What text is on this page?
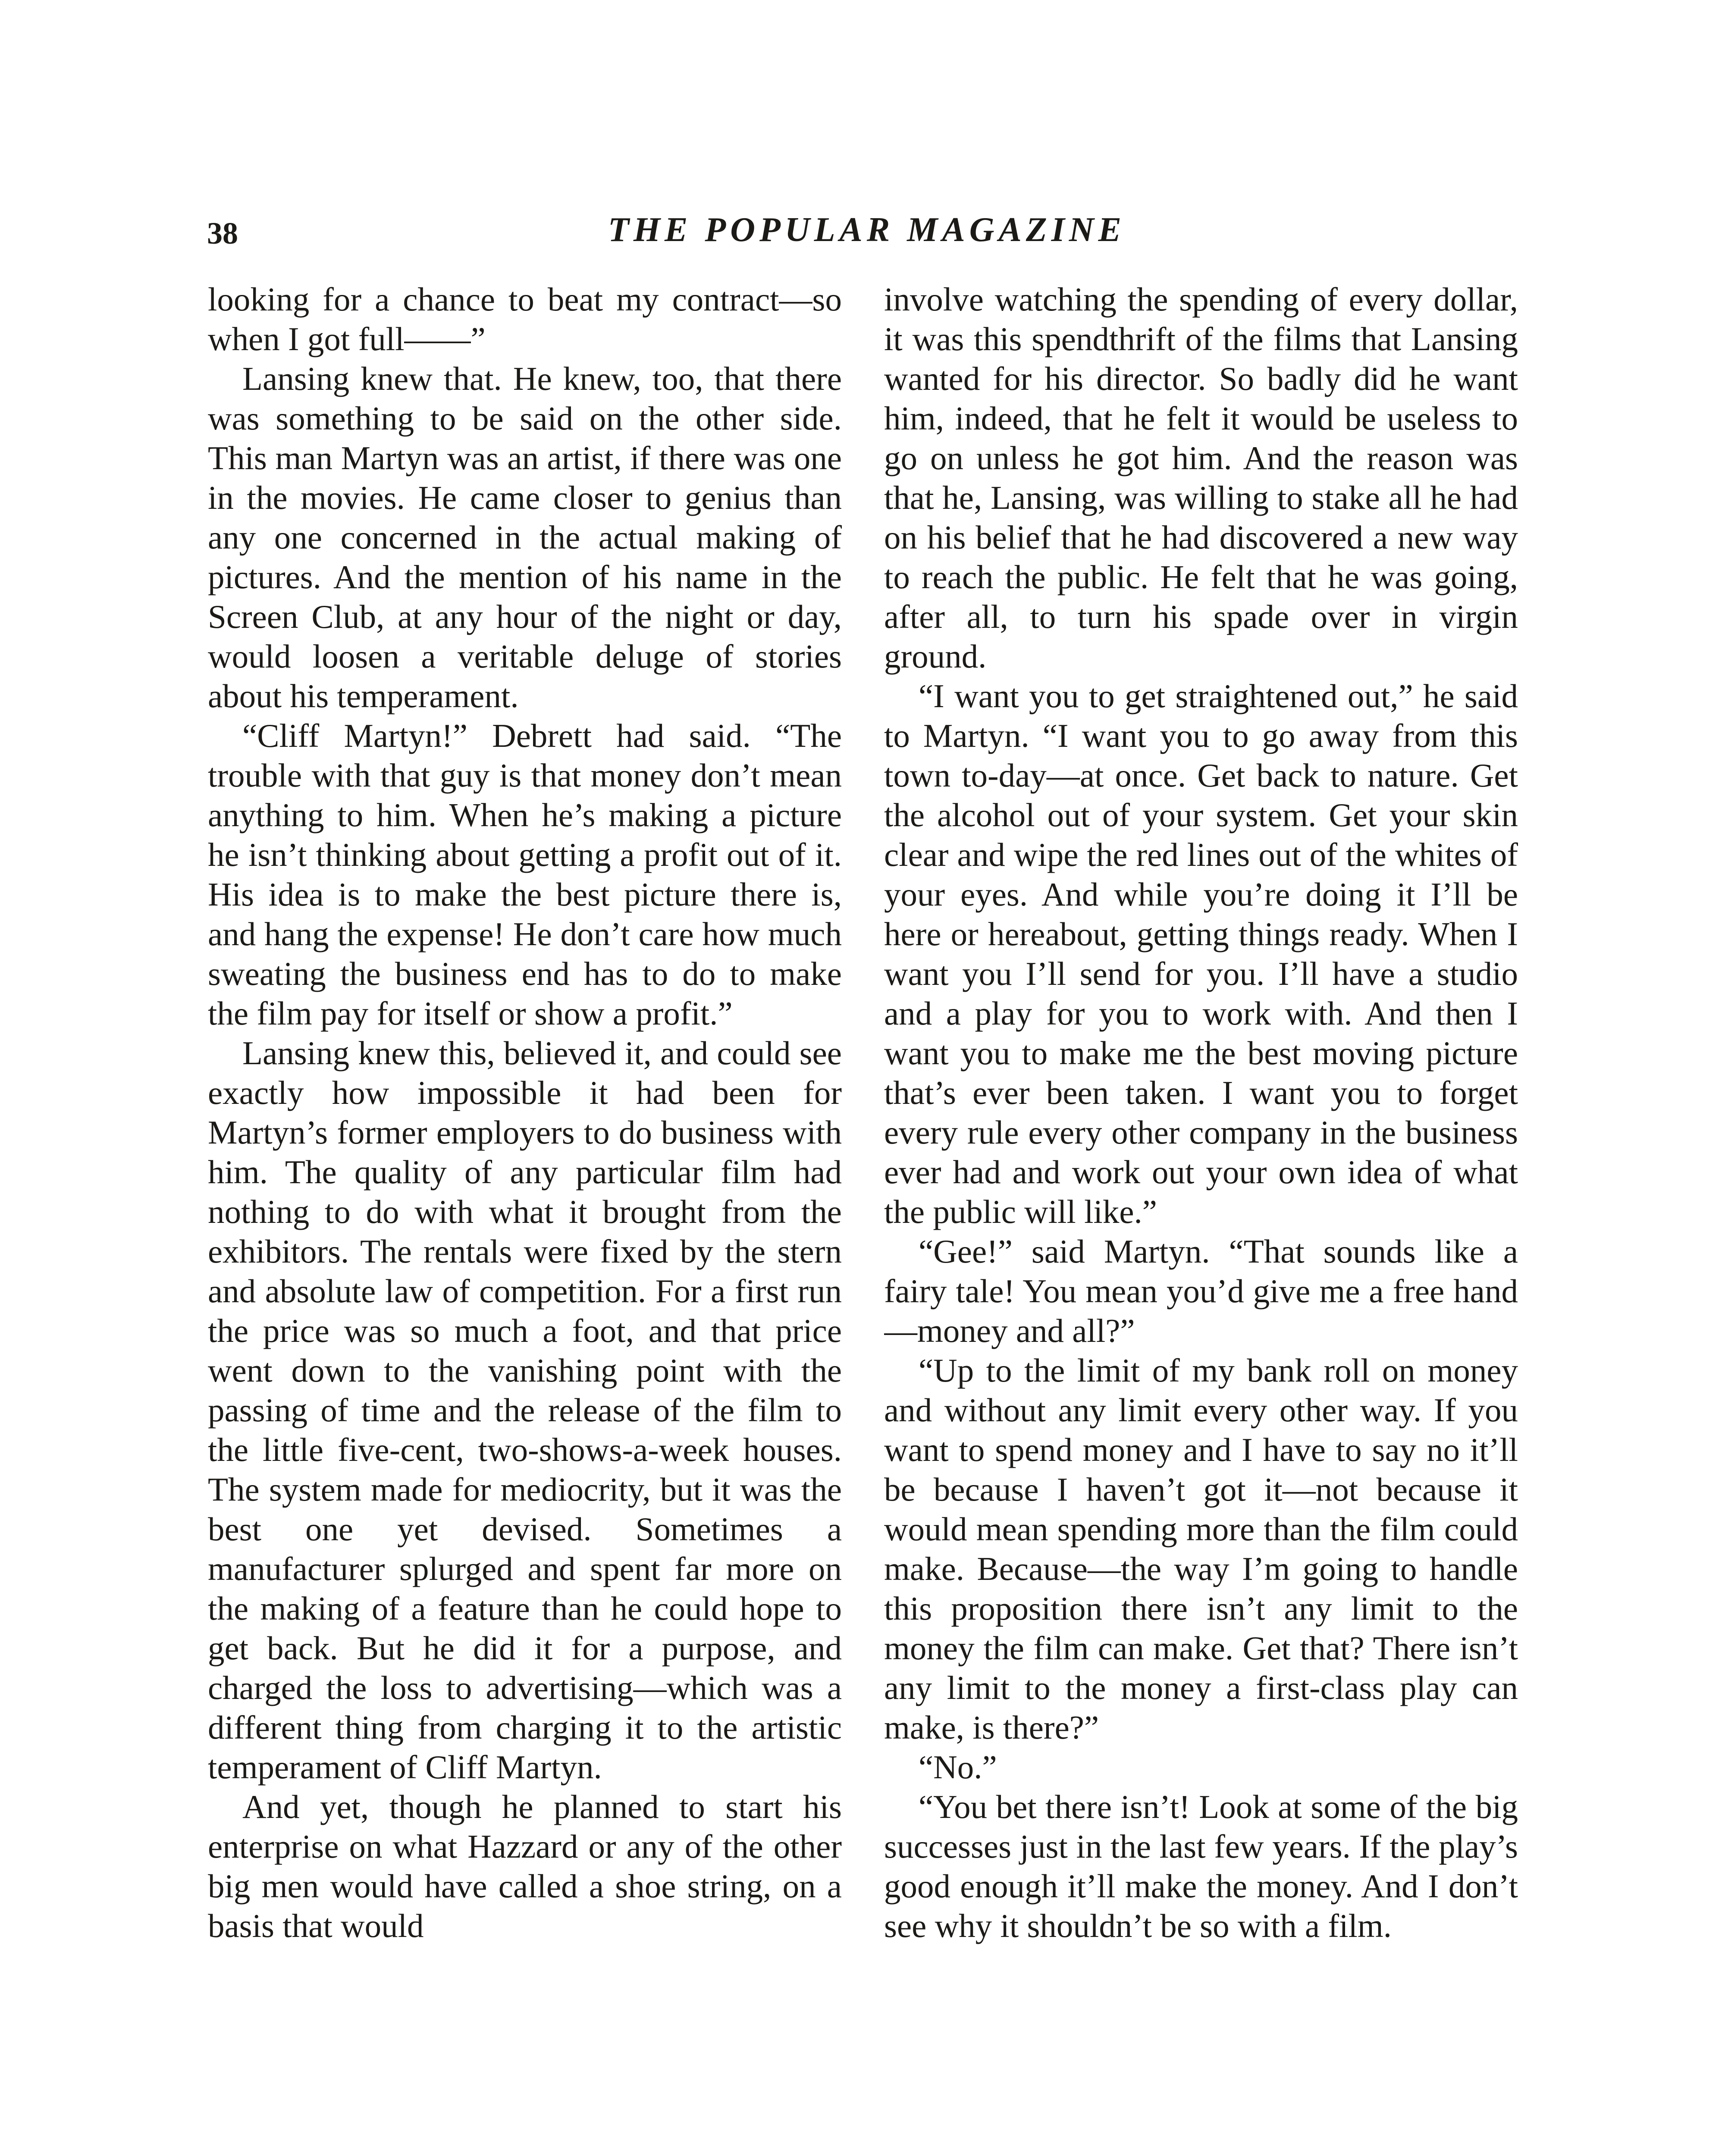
38	THE POPULAR MAGAZINE

looking for a chance to beat my contract—so when I got full——”

Lansing knew that. He knew, too, that there was something to be said on the other side. This man Martyn was an artist, if there was one in the movies. He came closer to genius than any one concerned in the actual making of pictures. And the mention of his name in the Screen Club, at any hour of the night or day, would loosen a veritable deluge of stories about his temperament.

“Cliff Martyn!” Debrett had said. “The trouble with that guy is that money don’t mean anything to him. When he’s making a picture he isn’t thinking about getting a profit out of it. His idea is to make the best picture there is, and hang the expense! He don’t care how much sweating the business end has to do to make the film pay for itself or show a profit.”

Lansing knew this, believed it, and could see exactly how impossible it had been for Martyn’s former employers to do business with him. The quality of any particular film had nothing to do with what it brought from the exhibitors. The rentals were fixed by the stern and absolute law of competition. For a first run the price was so much a foot, and that price went down to the vanishing point with the passing of time and the release of the film to the little five-cent, two-shows-a-week houses. The system made for mediocrity, but it was the best one yet devised. Sometimes a manufacturer splurged and spent far more on the making of a feature than he could hope to get back. But he did it for a purpose, and charged the loss to advertising—which was a different thing from charging it to the artistic temperament of Cliff Martyn.

And yet, though he planned to start his enterprise on what Hazzard or any of the other big men would have called a shoe string, on a basis that would

involve watching the spending of every dollar, it was this spendthrift of the films that Lansing wanted for his director. So badly did he want him, indeed, that he felt it would be useless to go on unless he got him. And the reason was that he, Lansing, was willing to stake all he had on his belief that he had discovered a new way to reach the public. He felt that he was going, after all, to turn his spade over in virgin ground.

“I want you to get straightened out,” he said to Martyn. “I want you to go away from this town to-day—at once. Get back to nature. Get the alcohol out of your system. Get your skin clear and wipe the red lines out of the whites of your eyes. And while you’re doing it I’ll be here or hereabout, getting things ready. When I want you I’ll send for you. I’ll have a studio and a play for you to work with. And then I want you to make me the best moving picture that’s ever been taken. I want you to forget every rule every other company in the business ever had and work out your own idea of what the public will like.”

“Gee!” said Martyn. “That sounds like a fairy tale! You mean you’d give me a free hand—money and all?”

“Up to the limit of my bank roll on money and without any limit every other way. If you want to spend money and I have to say no it’ll be because I haven’t got it—not because it would mean spending more than the film could make. Because—the way I’m going to handle this proposition there isn’t any limit to the money the film can make. Get that? There isn’t any limit to the money a first-class play can make, is there?”

“No.”

“You bet there isn’t! Look at some of the big successes just in the last few years. If the play’s good enough it’ll make the money. And I don’t see why it shouldn’t be so with a film.
